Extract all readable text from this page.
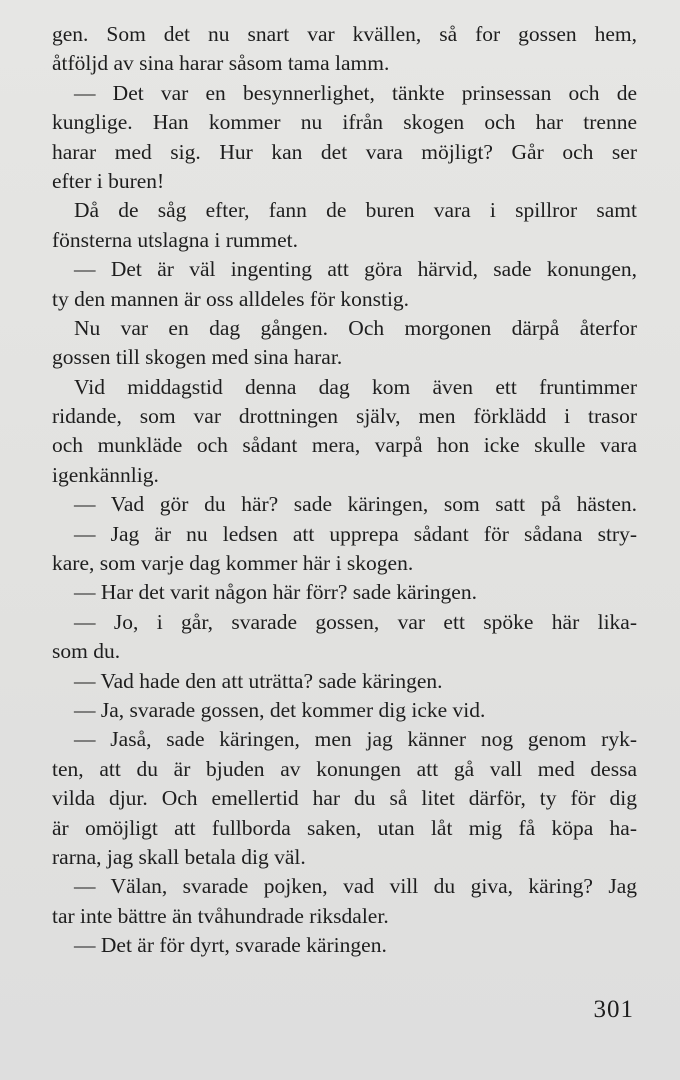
gen. Som det nu snart var kvällen, så for gossen hem,
åtföljd av sina harar såsom tama lamm.
— Det var en besynnerlighet, tänkte prinsessan och de
kunglige. Han kommer nu ifrån skogen och har trenne
harar med sig. Hur kan det vara möjligt? Går och ser
efter i buren!
Då de såg efter, fann de buren vara i spillror samt
fönsterna utslagna i rummet.
— Det är väl ingenting att göra härvid, sade konungen,
ty den mannen är oss alldeles för konstig.
Nu var en dag gången. Och morgonen därpå återfor
gossen till skogen med sina harar.
Vid middagstid denna dag kom även ett fruntimmer
ridande, som var drottningen själv, men förklädd i trasor
och munkläde och sådant mera, varpå hon icke skulle vara
igenkännlig.
— Vad gör du här? sade käringen, som satt på hästen.
— Jag är nu ledsen att upprepa sådant för sådana stry-
kare, som varje dag kommer här i skogen.
— Har det varit någon här förr? sade käringen.
— Jo, i går, svarade gossen, var ett spöke här lika-
som du.
— Vad hade den att uträtta? sade käringen.
— Ja, svarade gossen, det kommer dig icke vid.
— Jaså, sade käringen, men jag känner nog genom ryk-
ten, att du är bjuden av konungen att gå vall med dessa
vilda djur. Och emellertid har du så litet därför, ty för dig
är omöjligt att fullborda saken, utan låt mig få köpa ha-
rarna, jag skall betala dig väl.
— Välan, svarade pojken, vad vill du giva, käring? Jag
tar inte bättre än tvåhundrade riksdaler.
— Det är för dyrt, svarade käringen.
301
